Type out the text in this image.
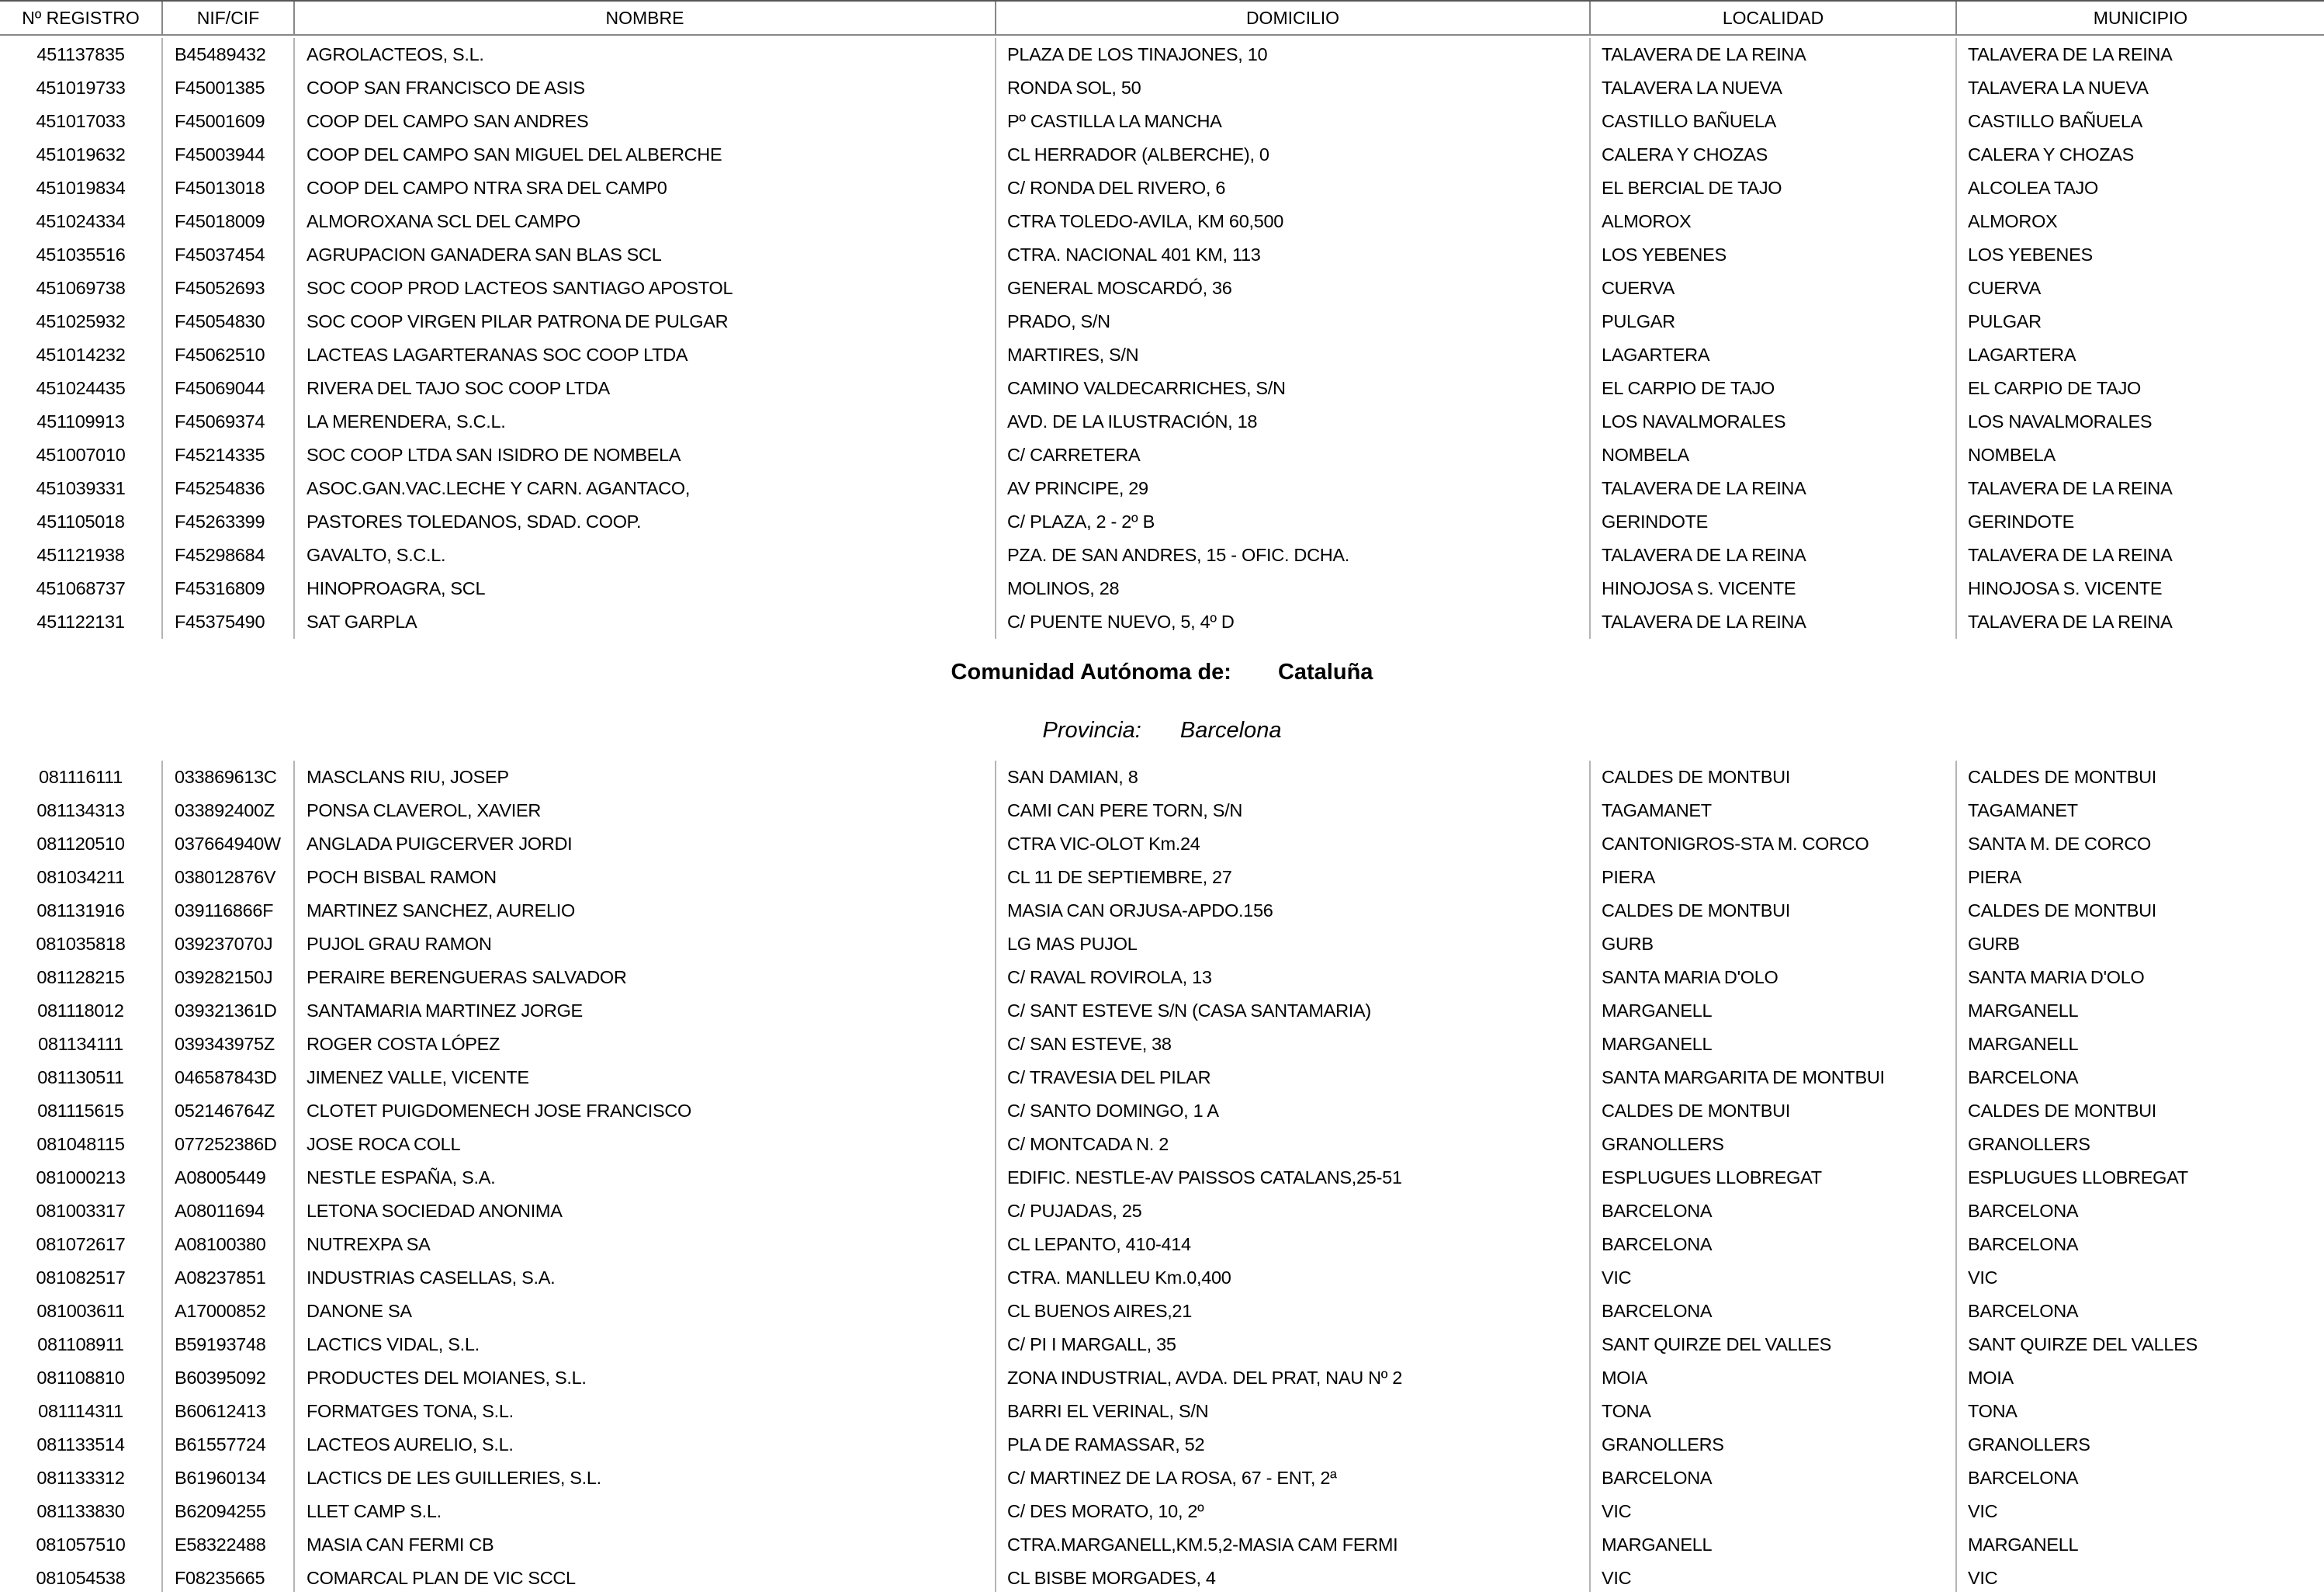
Nº REGISTRO	NIF/CIF	NOMBRE	DOMICILIO	LOCALIDAD	MUNICIPIO
451137835	B45489432	AGROLACTEOS, S.L.	PLAZA DE LOS TINAJONES, 10	TALAVERA DE LA REINA	TALAVERA DE LA REINA
451019733	F45001385	COOP SAN FRANCISCO DE ASIS	RONDA SOL, 50	TALAVERA LA NUEVA	TALAVERA LA NUEVA
451017033	F45001609	COOP DEL CAMPO SAN ANDRES	Pº CASTILLA LA MANCHA	CASTILLO BAÑUELA	CASTILLO BAÑUELA
451019632	F45003944	COOP DEL CAMPO SAN MIGUEL DEL ALBERCHE	CL HERRADOR (ALBERCHE), 0	CALERA Y CHOZAS	CALERA Y CHOZAS
451019834	F45013018	COOP DEL CAMPO NTRA SRA DEL CAMP0	C/ RONDA DEL RIVERO, 6	EL BERCIAL DE TAJO	ALCOLEA TAJO
451024334	F45018009	ALMOROXANA SCL DEL CAMPO	CTRA TOLEDO-AVILA, KM 60,500	ALMOROX	ALMOROX
451035516	F45037454	AGRUPACION GANADERA SAN BLAS SCL	CTRA. NACIONAL 401 KM, 113	LOS YEBENES	LOS YEBENES
451069738	F45052693	SOC COOP PROD LACTEOS SANTIAGO APOSTOL	GENERAL MOSCARDÓ, 36	CUERVA	CUERVA
451025932	F45054830	SOC COOP VIRGEN PILAR PATRONA DE PULGAR	PRADO, S/N	PULGAR	PULGAR
451014232	F45062510	LACTEAS LAGARTERANAS SOC COOP LTDA	MARTIRES, S/N	LAGARTERA	LAGARTERA
451024435	F45069044	RIVERA DEL TAJO SOC COOP LTDA	CAMINO VALDECARRICHES, S/N	EL CARPIO DE TAJO	EL CARPIO DE TAJO
451109913	F45069374	LA MERENDERA, S.C.L.	AVD. DE LA ILUSTRACIÓN, 18	LOS NAVALMORALES	LOS NAVALMORALES
451007010	F45214335	SOC COOP LTDA SAN ISIDRO DE NOMBELA	C/ CARRETERA	NOMBELA	NOMBELA
451039331	F45254836	ASOC.GAN.VAC.LECHE Y CARN. AGANTACO,	AV PRINCIPE, 29	TALAVERA DE LA REINA	TALAVERA DE LA REINA
451105018	F45263399	PASTORES TOLEDANOS, SDAD. COOP.	C/ PLAZA, 2 - 2º B	GERINDOTE	GERINDOTE
451121938	F45298684	GAVALTO, S.C.L.	PZA. DE SAN ANDRES, 15 - OFIC. DCHA.	TALAVERA DE LA REINA	TALAVERA DE LA REINA
451068737	F45316809	HINOPROAGRA, SCL	MOLINOS, 28	HINOJOSA S. VICENTE	HINOJOSA S. VICENTE
451122131	F45375490	SAT GARPLA	C/ PUENTE NUEVO, 5, 4º D	TALAVERA DE LA REINA	TALAVERA DE LA REINA
Comunidad Autónoma de: Cataluña
Provincia: Barcelona
081116111	033869613C	MASCLANS RIU, JOSEP	SAN DAMIAN, 8	CALDES DE MONTBUI	CALDES DE MONTBUI
081134313	033892400Z	PONSA CLAVEROL, XAVIER	CAMI CAN PERE TORN, S/N	TAGAMANET	TAGAMANET
081120510	037664940W	ANGLADA PUIGCERVER JORDI	CTRA VIC-OLOT Km.24	CANTONIGROS-STA M. CORCO	SANTA M. DE CORCO
081034211	038012876V	POCH BISBAL RAMON	CL 11 DE SEPTIEMBRE, 27	PIERA	PIERA
081131916	039116866F	MARTINEZ SANCHEZ, AURELIO	MASIA CAN ORJUSA-APDO.156	CALDES DE MONTBUI	CALDES DE MONTBUI
081035818	039237070J	PUJOL GRAU RAMON	LG MAS PUJOL	GURB	GURB
081128215	039282150J	PERAIRE BERENGUERAS SALVADOR	C/ RAVAL ROVIROLA, 13	SANTA MARIA D'OLO	SANTA MARIA D'OLO
081118012	039321361D	SANTAMARIA MARTINEZ JORGE	C/ SANT ESTEVE S/N (CASA SANTAMARIA)	MARGANELL	MARGANELL
081134111	039343975Z	ROGER COSTA LÓPEZ	C/ SAN ESTEVE, 38	MARGANELL	MARGANELL
081130511	046587843D	JIMENEZ VALLE, VICENTE	C/ TRAVESIA DEL PILAR	SANTA MARGARITA DE MONTBUI	BARCELONA
081115615	052146764Z	CLOTET PUIGDOMENECH JOSE FRANCISCO	C/ SANTO DOMINGO, 1 A	CALDES DE MONTBUI	CALDES DE MONTBUI
081048115	077252386D	JOSE ROCA COLL	C/ MONTCADA N. 2	GRANOLLERS	GRANOLLERS
081000213	A08005449	NESTLE ESPAÑA, S.A.	EDIFIC. NESTLE-AV PAISSOS CATALANS,25-51	ESPLUGUES LLOBREGAT	ESPLUGUES LLOBREGAT
081003317	A08011694	LETONA SOCIEDAD ANONIMA	C/ PUJADAS, 25	BARCELONA	BARCELONA
081072617	A08100380	NUTREXPA SA	CL LEPANTO, 410-414	BARCELONA	BARCELONA
081082517	A08237851	INDUSTRIAS CASELLAS, S.A.	CTRA. MANLLEU Km.0,400	VIC	VIC
081003611	A17000852	DANONE SA	CL BUENOS AIRES,21	BARCELONA	BARCELONA
081108911	B59193748	LACTICS VIDAL, S.L.	C/ PI I MARGALL, 35	SANT QUIRZE DEL VALLES	SANT QUIRZE DEL VALLES
081108810	B60395092	PRODUCTES DEL MOIANES, S.L.	ZONA INDUSTRIAL, AVDA. DEL PRAT, NAU Nº 2	MOIA	MOIA
081114311	B60612413	FORMATGES TONA, S.L.	BARRI EL VERINAL, S/N	TONA	TONA
081133514	B61557724	LACTEOS AURELIO, S.L.	PLA DE RAMASSAR, 52	GRANOLLERS	GRANOLLERS
081133312	B61960134	LACTICS DE LES GUILLERIES, S.L.	C/ MARTINEZ DE LA ROSA, 67 - ENT, 2ª	BARCELONA	BARCELONA
081133830	B62094255	LLET CAMP S.L.	C/ DES MORATO, 10, 2º	VIC	VIC
081057510	E58322488	MASIA CAN FERMI CB	CTRA.MARGANELL,KM.5,2-MASIA CAM FERMI	MARGANELL	MARGANELL
081054538	F08235665	COMARCAL PLAN DE VIC SCCL	CL BISBE MORGADES, 4	VIC	VIC
